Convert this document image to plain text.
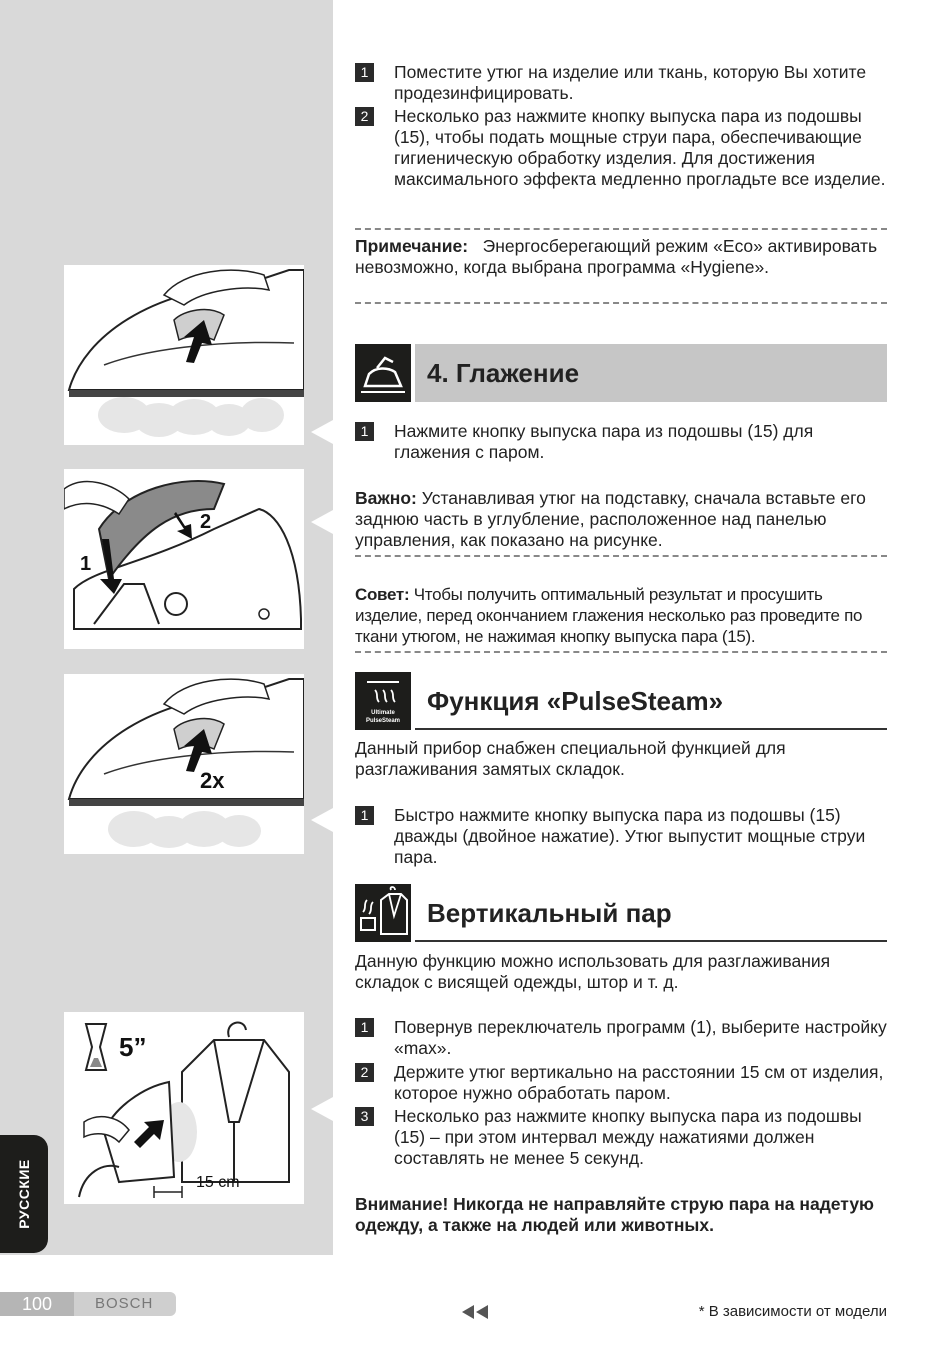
1
2
2x
5”
15 cm
РУССКИЕ
1	Поместите утюг на изделие или ткань, которую Вы хотите продезинфицировать.
2	Несколько раз нажмите кнопку выпуска пара из подошвы (15), чтобы подать мощные струи пара, обеспечивающие гигиеническую обработку изделия. Для достижения максимального эффекта медленно прогладьте все изделие.
Примечание: Энергосберегающий режим «Eco» активировать невозможно, когда выбрана программа «Hygiene».
4. Глажение
1	Нажмите кнопку выпуска пара из подошвы (15) для глажения с паром.
Важно: Устанавливая утюг на подставку, сначала вставьте его заднюю часть в углубление, расположенное над панелью управления, как показано на рисунке.
Совет: Чтобы получить оптимальный результат и просушить изделие, перед окончанием глажения несколько раз проведите по ткани утюгом, не нажимая кнопку выпуска пара (15).
Ultimate
PulseSteam
Функция «PulseSteam»
Данный прибор снабжен специальной функцией для разглаживания замятых складок.
1	Быстро нажмите кнопку выпуска пара из подошвы (15) дважды (двойное нажатие). Утюг выпустит мощные струи пара.
Вертикальный пар
Данную функцию можно использовать для разглаживания складок с висящей одежды, штор и т. д.
1	Повернув переключатель программ (1), выберите настройку «max».
2	Держите утюг вертикально на расстоянии 15 см от изделия, которое нужно обработать паром.
3	Несколько раз нажмите кнопку выпуска пара из подошвы (15) – при этом интервал между нажатиями должен составлять не менее 5 секунд.
Внимание! Никогда не направляйте струю пара на надетую одежду, а также на людей или животных.
100	BOSCH	* В зависимости от модели
